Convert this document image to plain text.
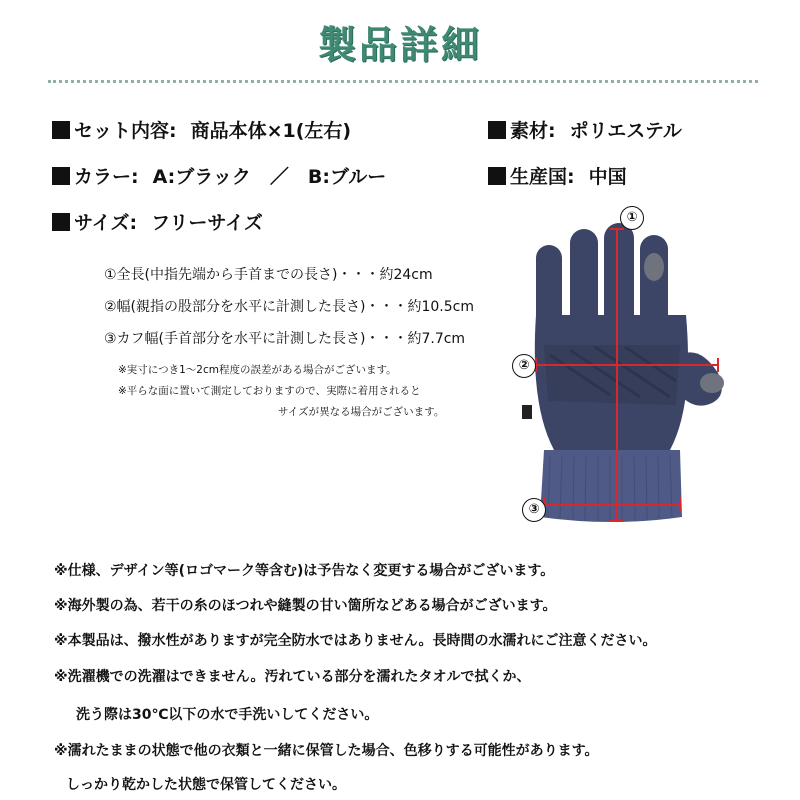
製品詳細
セット内容: 商品本体×1(左右)	素材: ポリエステル
カラー: A:ブラック　／　B:ブルー	生産国: 中国
サイズ: フリーサイズ
①全長(中指先端から手首までの長さ)・・・約24cm
②幅(親指の股部分を水平に計測した長さ)・・・約10.5cm
③カフ幅(手首部分を水平に計測した長さ)・・・約7.7cm
※実寸につき1～2cm程度の誤差がある場合がございます。
※平らな面に置いて測定しておりますので、実際に着用されると
サイズが異なる場合がございます。
①
②
③
※仕様、デザイン等(ロゴマーク等含む)は予告なく変更する場合がございます。
※海外製の為、若干の糸のほつれや縫製の甘い箇所などある場合がございます。
※本製品は、撥水性がありますが完全防水ではありません。長時間の水濡れにご注意ください。
※洗濯機での洗濯はできません。汚れている部分を濡れたタオルで拭くか、
洗う際は30℃以下の水で手洗いしてください。
※濡れたままの状態で他の衣類と一緒に保管した場合、色移りする可能性があります。
しっかり乾かした状態で保管してください。
